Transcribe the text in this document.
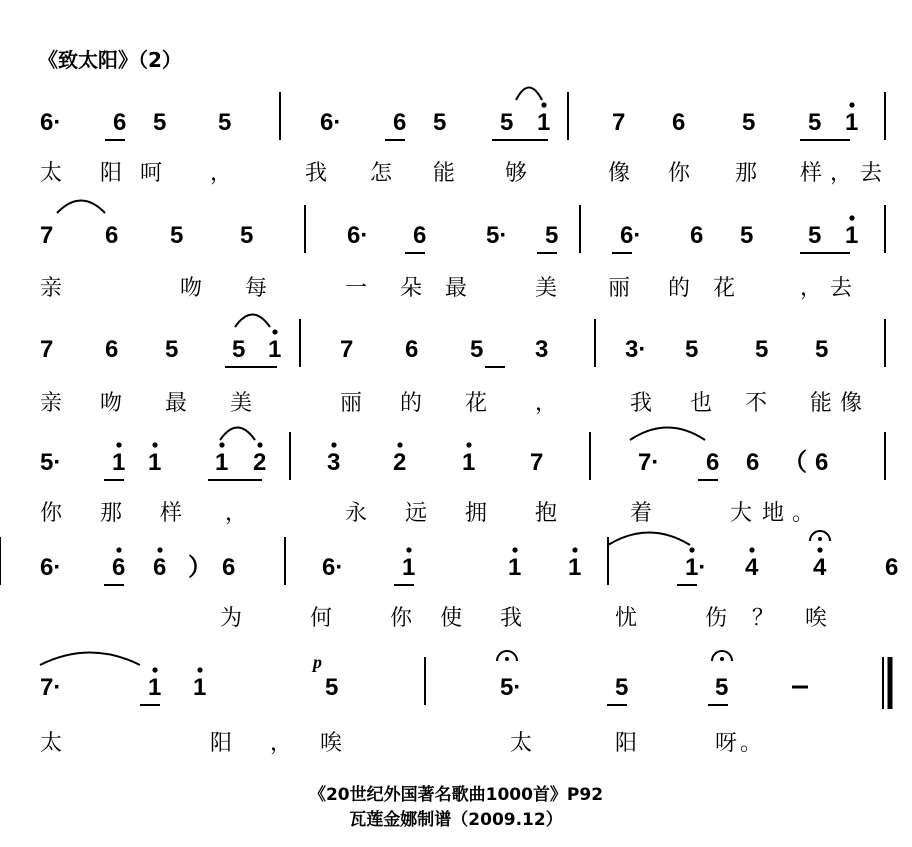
《致太阳》（2）
6· 6 5 5	6· 6 5 5 1	7 6 5 5 1
太 阳 呵 ，	我 怎 能 够	像 你 那 样 ， 去
7 6 5 5	6· 6 5· 5	6· 6 5 5 1
亲	吻 每	一 朵 最	美 丽 的 花	， 去
7 6 5 5 1 7 6 5 3	3· 5 5 5
亲 吻 最 美	丽 的 花 ，	我 也 不 能 像
5· 1 1 1 2	3 2 1 7	7· 6 6 （ 6
你 那 样 ，	永 远 拥 抱	着	大 地 。
6· 6 6 ） 6	6· 1	1 1	1· 4 4 6
为	何	你 使 我	忧	伤 ？ 唉
7·	1 1	5	5·	5	5
太	阳 ， 唉	太	阳	呀 。
p
《20世纪外国著名歌曲1000首》P92
瓦莲金娜制谱（2009.12）
